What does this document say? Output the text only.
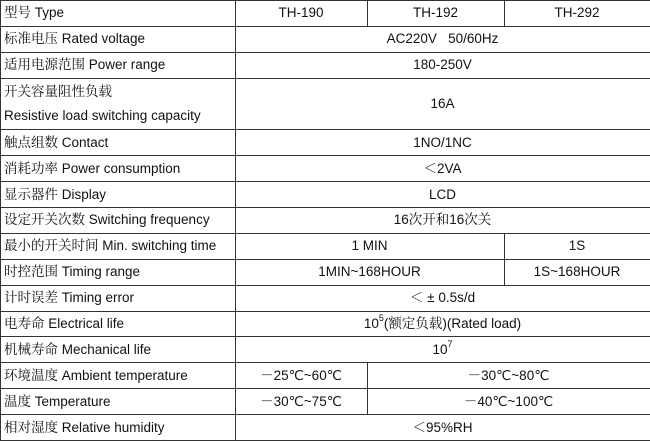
型号 Type	TH-190	TH-192	TH-292
标准电压 Rated voltage	AC220V   50/60Hz		
适用电源范围 Power range	180-250V		

开关容量阻性负载
Resistive load switching capacity	16A		
触点组数 Contact	1NO/1NC		
消耗功率 Power consumption	＜2VA		
显示器件 Display	LCD		
设定开关次数 Switching frequency	16次开和16次关		
最小的开关时间 Min. switching time	1 MIN		1S
时控范围 Timing range	1MIN~168HOUR		1S~168HOUR
计时误差 Timing error	＜ ± 0.5s/d		
电寿命 Electrical life	$10^5$(额定负载)(Rated load)		
机械寿命 Mechanical life	$10^7$
环境温度 Ambient temperature	－25℃~60℃	－30℃~80℃	
温度 Temperature	－30℃~75℃	－40℃~100℃	
相对湿度 Relative humidity	＜95%RH		
